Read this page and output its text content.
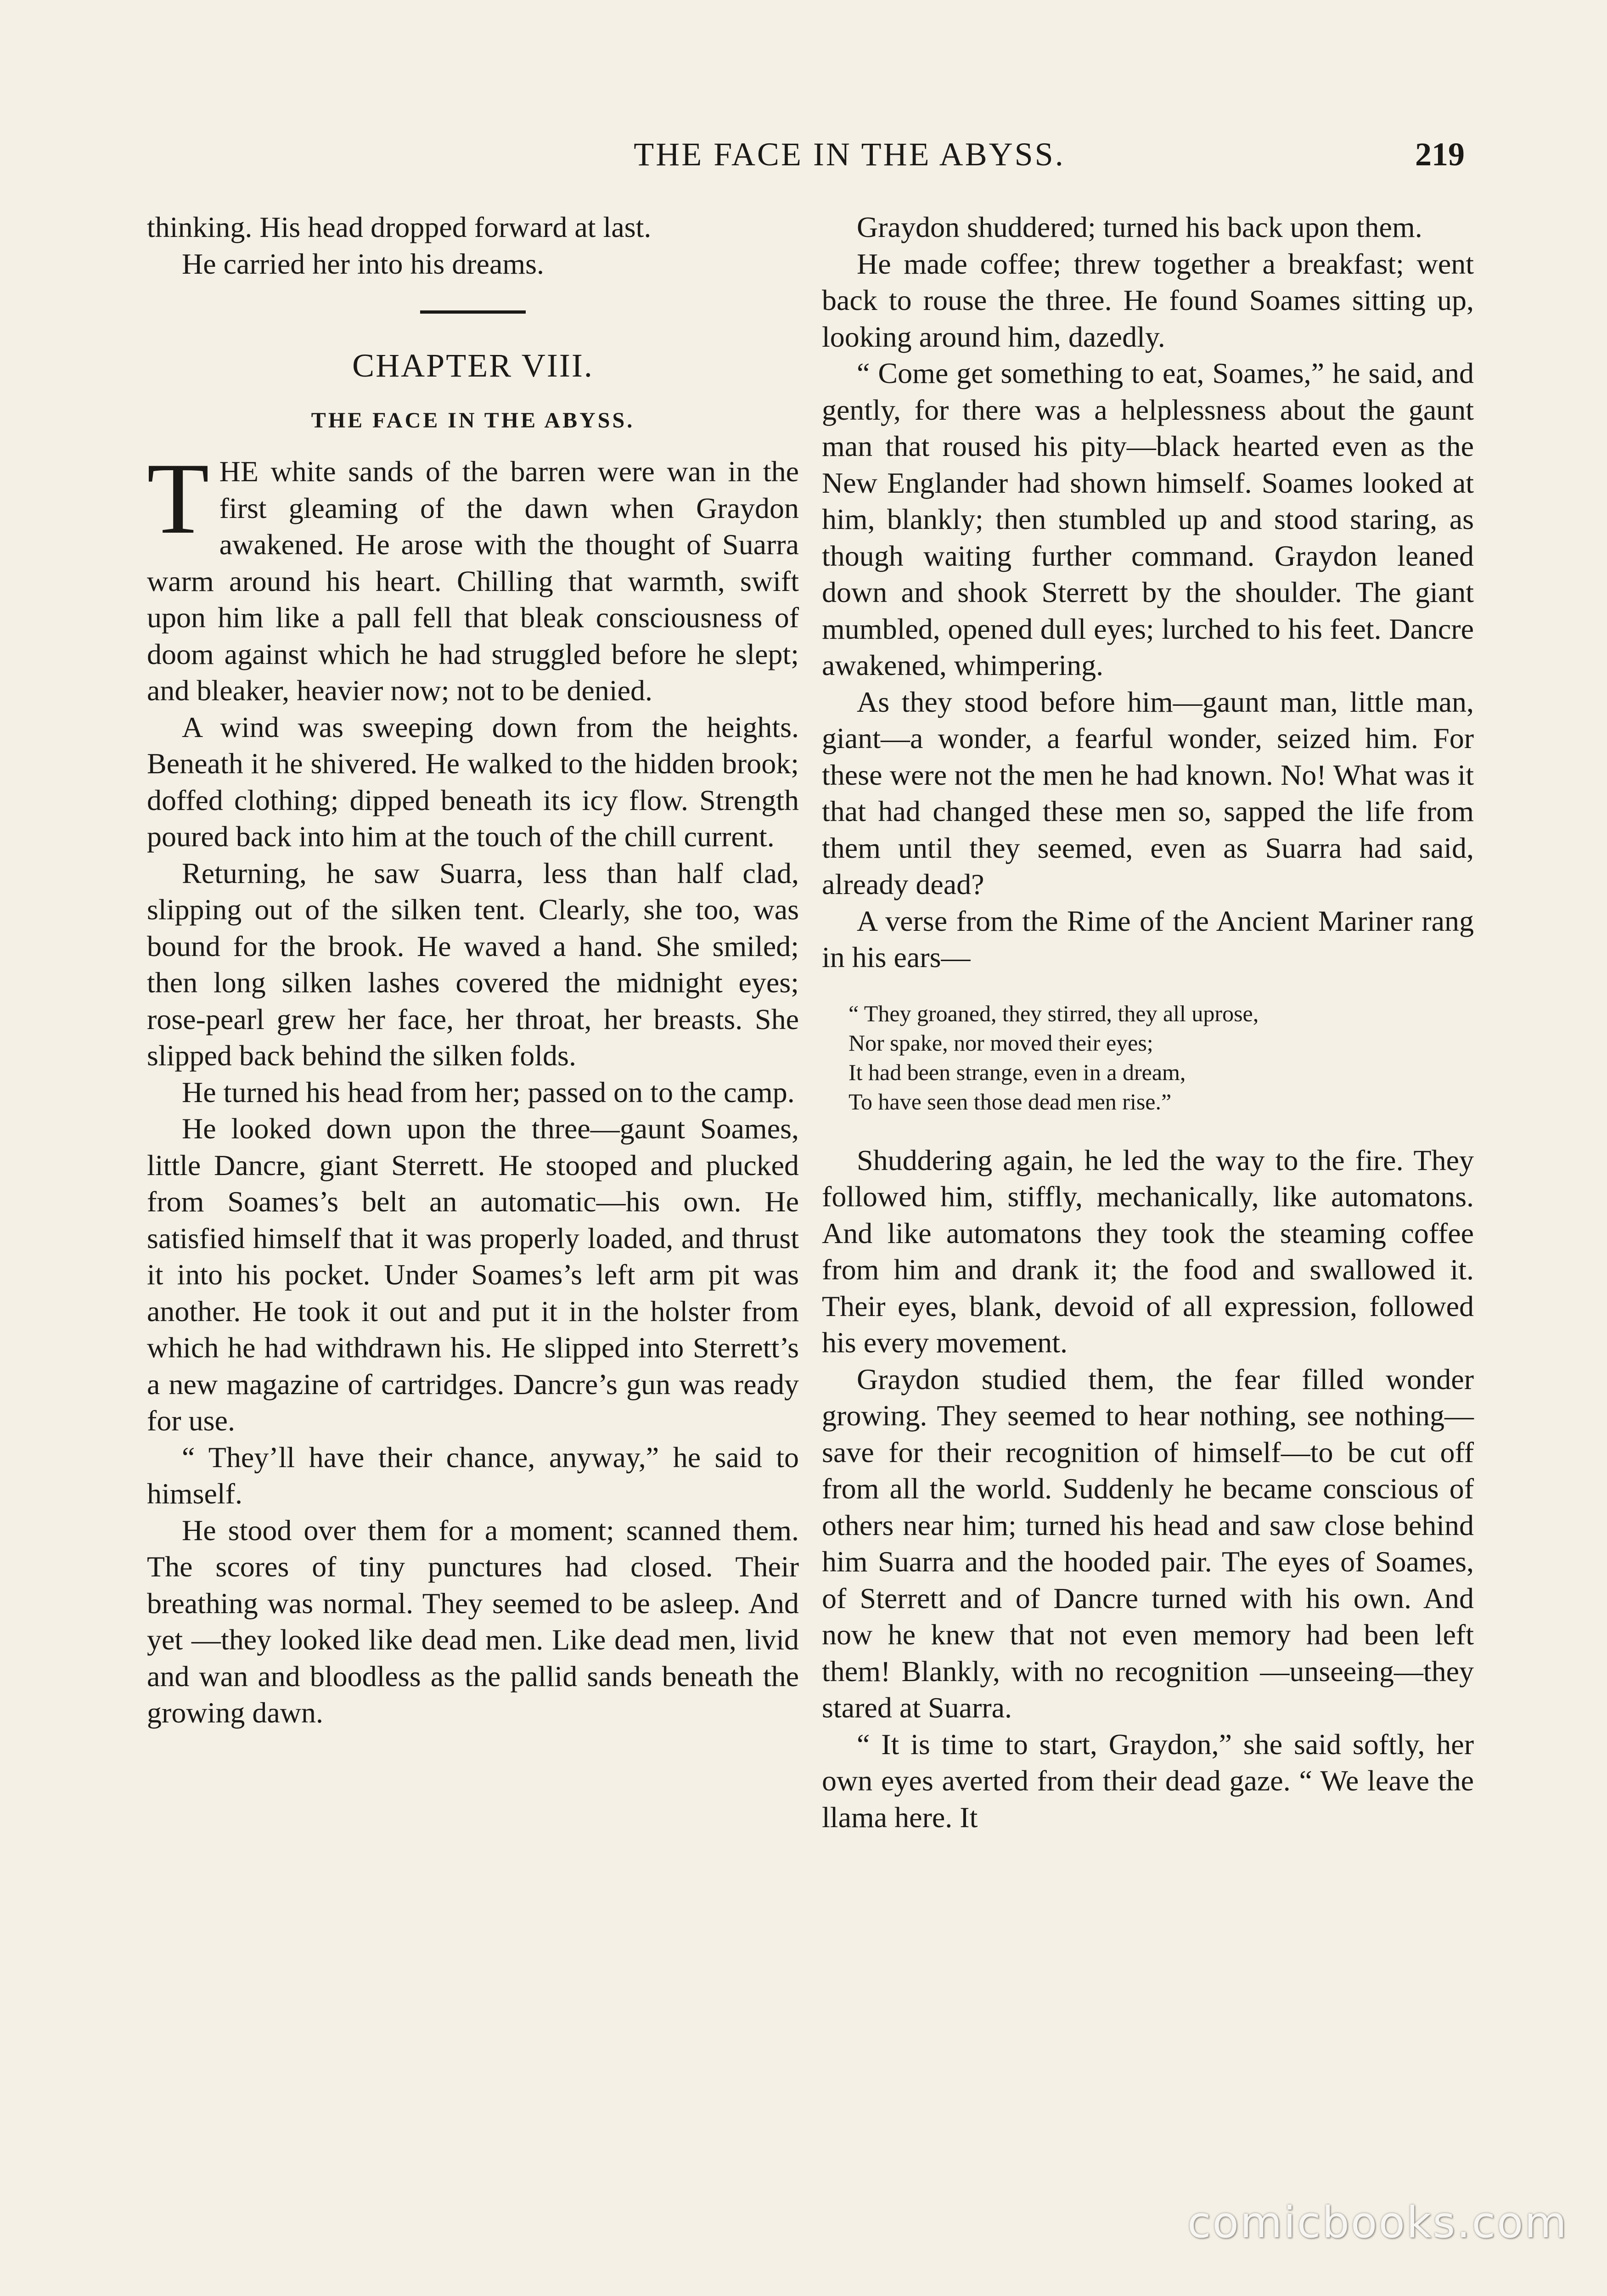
THE FACE IN THE ABYSS.	219

thinking. His head dropped forward at last.

He carried her into his dreams.

CHAPTER VIII.
THE FACE IN THE ABYSS.

THE white sands of the barren were wan in the first gleaming of the dawn when Graydon awakened. He arose with the thought of Suarra warm around his heart. Chilling that warmth, swift upon him like a pall fell that bleak consciousness of doom against which he had struggled before he slept; and bleaker, heavier now; not to be denied.

A wind was sweeping down from the heights. Beneath it he shivered. He walked to the hidden brook; doffed clothing; dipped beneath its icy flow. Strength poured back into him at the touch of the chill current.

Returning, he saw Suarra, less than half clad, slipping out of the silken tent. Clearly, she too, was bound for the brook. He waved a hand. She smiled; then long silken lashes covered the midnight eyes; rose-pearl grew her face, her throat, her breasts. She slipped back behind the silken folds.

He turned his head from her; passed on to the camp.

He looked down upon the three—gaunt Soames, little Dancre, giant Sterrett. He stooped and plucked from Soames’s belt an automatic—his own. He satisfied himself that it was properly loaded, and thrust it into his pocket. Under Soames’s left arm pit was another. He took it out and put it in the holster from which he had withdrawn his. He slipped into Sterrett’s a new magazine of cartridges. Dancre’s gun was ready for use.

“ They’ll have their chance, anyway,” he said to himself.

He stood over them for a moment; scanned them. The scores of tiny punctures had closed. Their breathing was normal. They seemed to be asleep. And yet —they looked like dead men. Like dead men, livid and wan and bloodless as the pallid sands beneath the growing dawn.

Graydon shuddered; turned his back upon them.

He made coffee; threw together a breakfast; went back to rouse the three. He found Soames sitting up, looking around him, dazedly.

“ Come get something to eat, Soames,” he said, and gently, for there was a helplessness about the gaunt man that roused his pity—black hearted even as the New Englander had shown himself. Soames looked at him, blankly; then stumbled up and stood staring, as though waiting further command. Graydon leaned down and shook Sterrett by the shoulder. The giant mumbled, opened dull eyes; lurched to his feet. Dancre awakened, whimpering.

As they stood before him—gaunt man, little man, giant—a wonder, a fearful wonder, seized him. For these were not the men he had known. No! What was it that had changed these men so, sapped the life from them until they seemed, even as Suarra had said, already dead?

A verse from the Rime of the Ancient Mariner rang in his ears—

“ They groaned, they stirred, they all uprose,
Nor spake, nor moved their eyes;
It had been strange, even in a dream,
To have seen those dead men rise.”

Shuddering again, he led the way to the fire. They followed him, stiffly, mechanically, like automatons. And like automatons they took the steaming coffee from him and drank it; the food and swallowed it. Their eyes, blank, devoid of all expression, followed his every movement.

Graydon studied them, the fear filled wonder growing. They seemed to hear nothing, see nothing—save for their recognition of himself—to be cut off from all the world. Suddenly he became conscious of others near him; turned his head and saw close behind him Suarra and the hooded pair. The eyes of Soames, of Sterrett and of Dancre turned with his own. And now he knew that not even memory had been left them! Blankly, with no recognition —unseeing—they stared at Suarra.

“ It is time to start, Graydon,” she said softly, her own eyes averted from their dead gaze. “ We leave the llama here. It

comicbooks.com
